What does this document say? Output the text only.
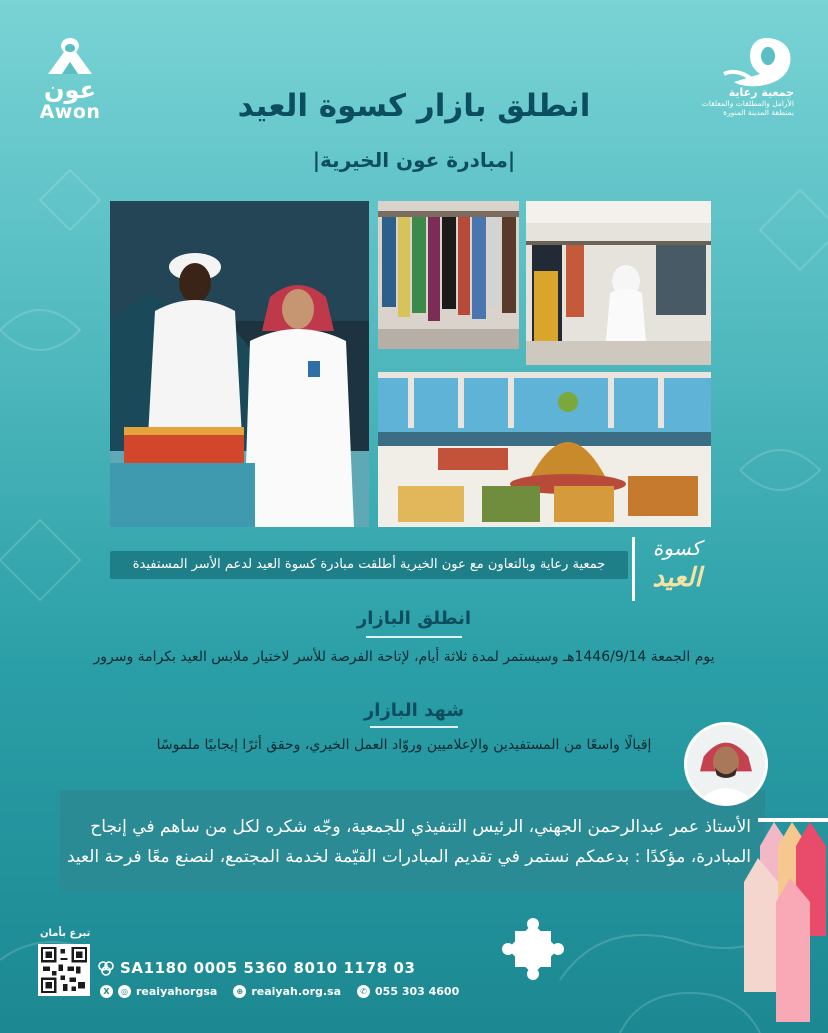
عون
Awon
جمعية رعاية
الأرامل والمطلقات والمعلقات
بمنطقة المدينة المنورة
انطلق بازار كسوة العيد
|مبادرة عون الخيرية|
جمعية رعاية وبالتعاون مع عون الخيرية أطلقت مبادرة كسوة العيد لدعم الأسر المستفيدة
كسوة
العيد
انطلق البازار
يوم الجمعة 1446/9/14هـ وسيستمر لمدة ثلاثة أيام، لإتاحة الفرصة للأسر لاختيار ملابس العيد بكرامة وسرور
شهد البازار
إقبالًا واسعًا من المستفيدين والإعلاميين وروّاد العمل الخيري، وحقق أثرًا إيجابيًا ملموسًا
الأستاذ عمر عبدالرحمن الجهني، الرئيس التنفيذي للجمعية، وجّه شكره لكل من ساهم في إنجاح
المبادرة، مؤكدًا : بدعمكم نستمر في تقديم المبادرات القيّمة لخدمة المجتمع، لنصنع معًا فرحة العيد
تبرع بأمان
SA1180 0005 5360 8010 1178 03
X	◎ reaiyahorgsa	⊕ reaiyah.org.sa	✆ 055 303 4600
